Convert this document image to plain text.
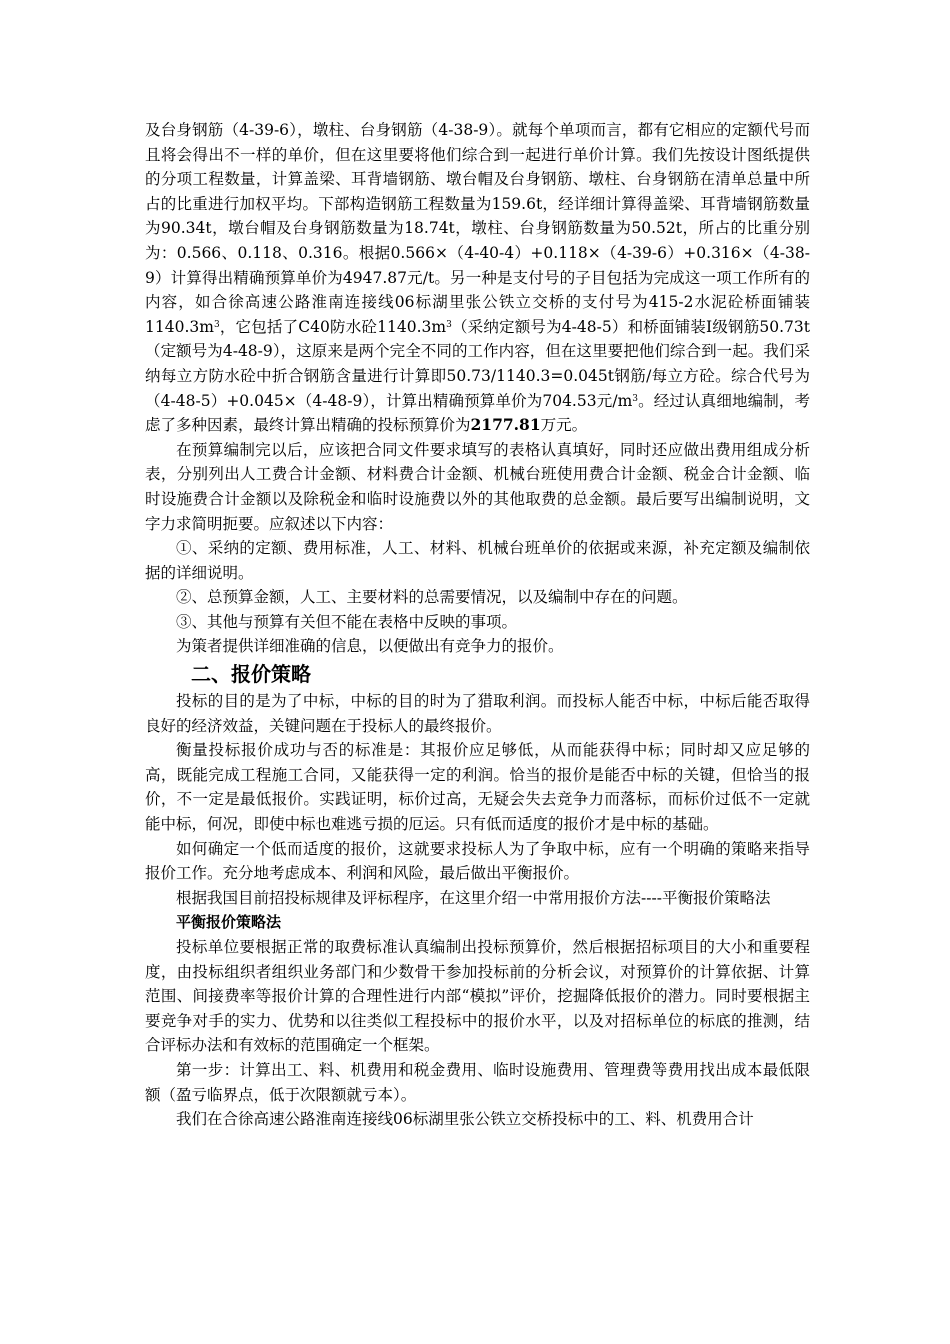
及台身钢筋（4-39-6），墩柱、台身钢筋（4-38-9）。就每个单项而言，都有它相应的定额代号而且将会得出不一样的单价，但在这里要将他们综合到一起进行单价计算。我们先按设计图纸提供的分项工程数量，计算盖梁、耳背墙钢筋、墩台帽及台身钢筋、墩柱、台身钢筋在清单总量中所占的比重进行加权平均。下部构造钢筋工程数量为159.6t，经详细计算得盖梁、耳背墙钢筋数量为90.34t，墩台帽及台身钢筋数量为18.74t，墩柱、台身钢筋数量为50.52t，所占的比重分别为：0.566、0.118、0.316。根据0.566×（4-40-4）+0.118×（4-39-6）+0.316×（4-38-9）计算得出精确预算单价为4947.87元/t。另一种是支付号的子目包括为完成这一项工作所有的内容，如合徐高速公路淮南连接线06标湖里张公铁立交桥的支付号为415-2水泥砼桥面铺装$1140.3m^3$，它包括了C40防水砼$1140.3m^3$（采纳定额号为4-48-5）和桥面铺装Ⅰ级钢筋50.73t（定额号为4-48-9），这原来是两个完全不同的工作内容，但在这里要把他们综合到一起。我们采纳每立方防水砼中折合钢筋含量进行计算即50.73/1140.3=0.045t钢筋/每立方砼。综合代号为（4-48-5）+0.045×（4-48-9），计算出精确预算单价为704.53元$/m^3$。经过认真细地编制，考虑了多种因素，最终计算出精确的投标预算价为2177.81万元。

在预算编制完以后，应该把合同文件要求填写的表格认真填好，同时还应做出费用组成分析表，分别列出人工费合计金额、材料费合计金额、机械台班使用费合计金额、税金合计金额、临时设施费合计金额以及除税金和临时设施费以外的其他取费的总金额。最后要写出编制说明，文字力求简明扼要。应叙述以下内容：

①、采纳的定额、费用标准，人工、材料、机械台班单价的依据或来源，补充定额及编制依据的详细说明。

②、总预算金额，人工、主要材料的总需要情况，以及编制中存在的问题。

③、其他与预算有关但不能在表格中反映的事项。

为策者提供详细准确的信息，以便做出有竞争力的报价。

二、报价策略

投标的目的是为了中标，中标的目的时为了猎取利润。而投标人能否中标，中标后能否取得良好的经济效益，关键问题在于投标人的最终报价。

衡量投标报价成功与否的标准是：其报价应足够低，从而能获得中标；同时却又应足够的高，既能完成工程施工合同，又能获得一定的利润。恰当的报价是能否中标的关键，但恰当的报价，不一定是最低报价。实践证明，标价过高，无疑会失去竞争力而落标，而标价过低不一定就能中标，何况，即使中标也难逃亏损的厄运。只有低而适度的报价才是中标的基础。

如何确定一个低而适度的报价，这就要求投标人为了争取中标，应有一个明确的策略来指导报价工作。充分地考虑成本、利润和风险，最后做出平衡报价。

根据我国目前招投标规律及评标程序，在这里介绍一中常用报价方法----平衡报价策略法

平衡报价策略法

投标单位要根据正常的取费标准认真编制出投标预算价，然后根据招标项目的大小和重要程度，由投标组织者组织业务部门和少数骨干参加投标前的分析会议，对预算价的计算依据、计算范围、间接费率等报价计算的合理性进行内部“模拟”评价，挖掘降低报价的潜力。同时要根据主要竞争对手的实力、优势和以往类似工程投标中的报价水平，以及对招标单位的标底的推测，结合评标办法和有效标的范围确定一个框架。

第一步：计算出工、料、机费用和税金费用、临时设施费用、管理费等费用找出成本最低限额（盈亏临界点，低于次限额就亏本）。

我们在合徐高速公路淮南连接线06标湖里张公铁立交桥投标中的工、料、机费用合计
